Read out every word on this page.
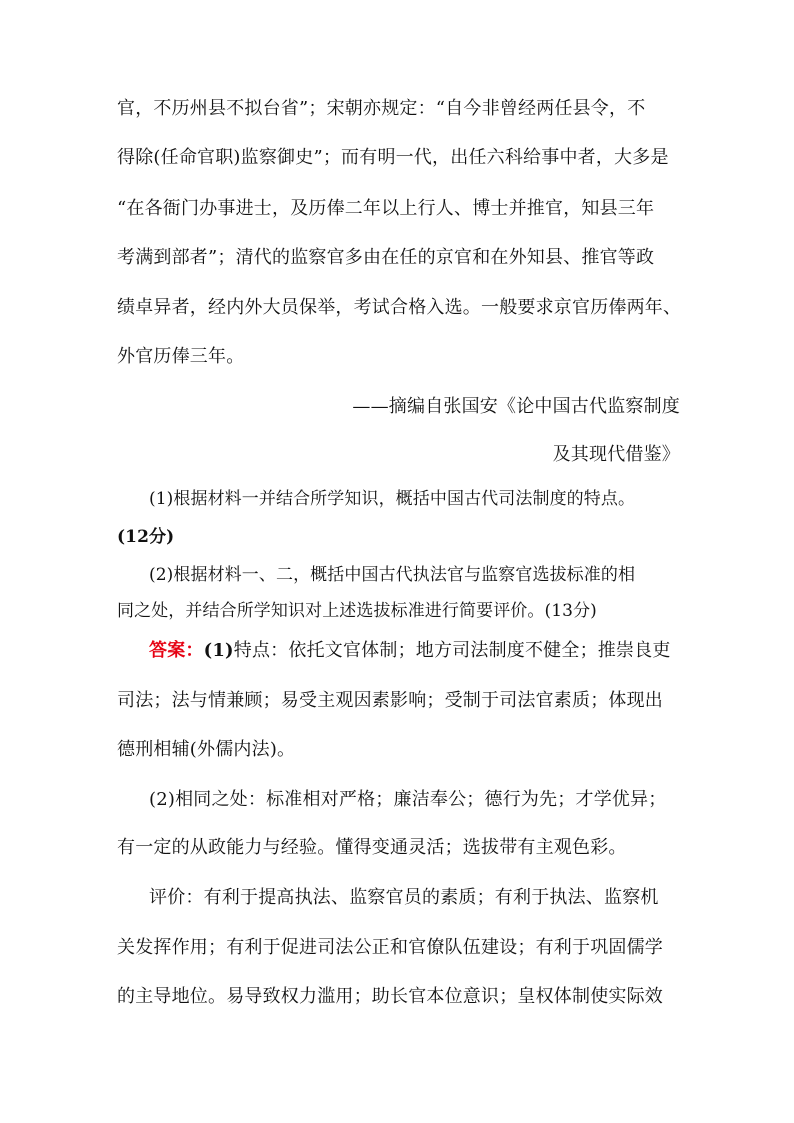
官，不历州县不拟台省”；宋朝亦规定：“自今非曾经两任县令，不
得除(任命官职)监察御史”；而有明一代，出任六科给事中者，大多是
“在各衙门办事进士，及历俸二年以上行人、博士并推官，知县三年
考满到部者”；清代的监察官多由在任的京官和在外知县、推官等政
绩卓异者，经内外大员保举，考试合格入选。一般要求京官历俸两年、
外官历俸三年。
——摘编自张国安《论中国古代监察制度
及其现代借鉴》
(1)根据材料一并结合所学知识，概括中国古代司法制度的特点。
(12分)
(2)根据材料一、二，概括中国古代执法官与监察官选拔标准的相
同之处，并结合所学知识对上述选拔标准进行简要评价。(13分)
答案：(1)特点：依托文官体制；地方司法制度不健全；推崇良吏
司法；法与情兼顾；易受主观因素影响；受制于司法官素质；体现出
德刑相辅(外儒内法)。
(2)相同之处：标准相对严格；廉洁奉公；德行为先；才学优异；
有一定的从政能力与经验。懂得变通灵活；选拔带有主观色彩。
评价：有利于提高执法、监察官员的素质；有利于执法、监察机
关发挥作用；有利于促进司法公正和官僚队伍建设；有利于巩固儒学
的主导地位。易导致权力滥用；助长官本位意识；皇权体制使实际效
